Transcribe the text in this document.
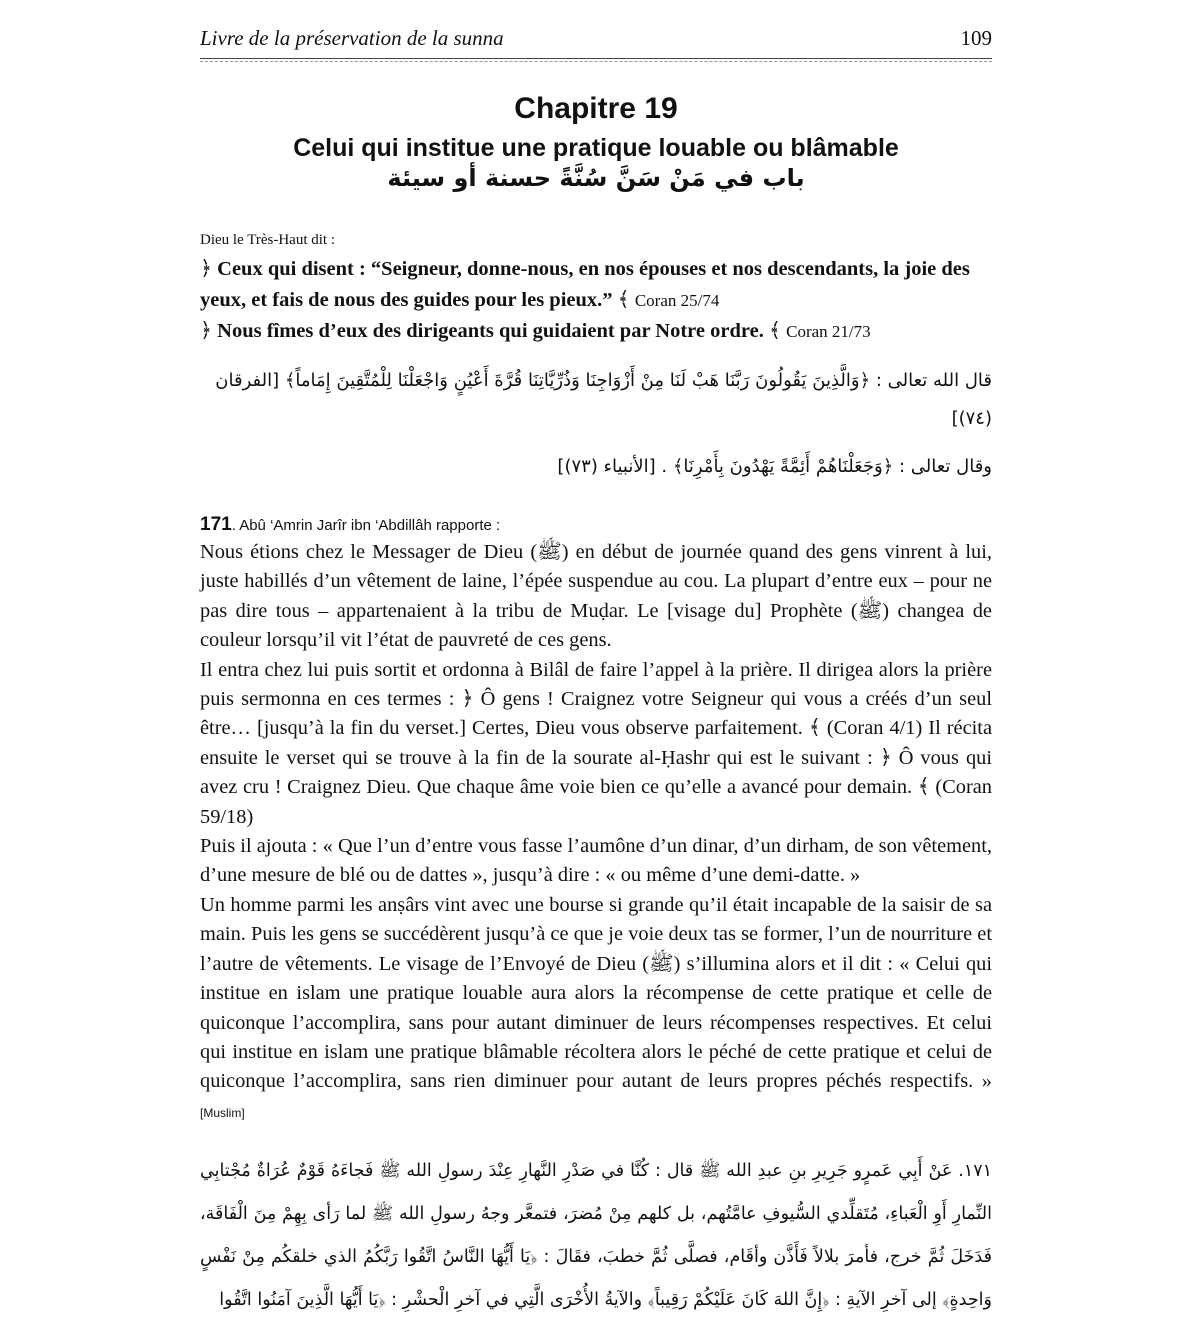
Livre de la préservation de la sunna	109
Chapitre 19
Celui qui institue une pratique louable ou blâmable
باب في مَنْ سَنَّ سُنَّةً حسنة أو سيئة
Dieu le Très-Haut dit :
﴿ Ceux qui disent : “Seigneur, donne-nous, en nos épouses et nos descendants, la joie des yeux, et fais de nous des guides pour les pieux.” ﴾ Coran 25/74
﴿ Nous fîmes d’eux des dirigeants qui guidaient par Notre ordre. ﴾ Coran 21/73
قال الله تعالى : ﴿وَالَّذِينَ يَقُولُونَ رَبَّنَا هَبْ لَنَا مِنْ أَزْوَاجِنَا وَذُرِّيَّاتِنَا قُرَّةَ أَعْيُنٍ وَاجْعَلْنَا لِلْمُتَّقِينَ إِمَاماً﴾ [الفرقان (٧٤)]
وقال تعالى : ﴿وَجَعَلْنَاهُمْ أَئِمَّةً يَهْدُونَ بِأَمْرِنَا﴾ . [الأنبياء (٧٣)]
171. Abû ‘Amrin Jarîr ibn ‘Abdillâh rapporte :

Nous étions chez le Messager de Dieu (ﷺ) en début de journée quand des gens vinrent à lui, juste habillés d’un vêtement de laine, l’épée suspendue au cou. La plupart d’entre eux – pour ne pas dire tous – appartenaient à la tribu de Muḍar. Le [visage du] Prophète (ﷺ) changea de couleur lorsqu’il vit l’état de pauvreté de ces gens.

Il entra chez lui puis sortit et ordonna à Bilâl de faire l’appel à la prière. Il dirigea alors la prière puis sermonna en ces termes : ﴿ Ô gens ! Craignez votre Seigneur qui vous a créés d’un seul être… [jusqu’à la fin du verset.] Certes, Dieu vous observe parfaitement. ﴾ (Coran 4/1) Il récita ensuite le verset qui se trouve à la fin de la sourate al-Ḥashr qui est le suivant : ﴿ Ô vous qui avez cru ! Craignez Dieu. Que chaque âme voie bien ce qu’elle a avancé pour demain. ﴾ (Coran 59/18)

Puis il ajouta : « Que l’un d’entre vous fasse l’aumône d’un dinar, d’un dirham, de son vêtement, d’une mesure de blé ou de dattes », jusqu’à dire : « ou même d’une demi-datte. »

Un homme parmi les anṣârs vint avec une bourse si grande qu’il était incapable de la saisir de sa main. Puis les gens se succédèrent jusqu’à ce que je voie deux tas se former, l’un de nourriture et l’autre de vêtements. Le visage de l’Envoyé de Dieu (ﷺ) s’illumina alors et il dit : « Celui qui institue en islam une pratique louable aura alors la récompense de cette pratique et celle de quiconque l’accomplira, sans pour autant diminuer de leurs récompenses respectives. Et celui qui institue en islam une pratique blâmable récoltera alors le péché de cette pratique et celui de quiconque l’accomplira, sans rien diminuer pour autant de leurs propres péchés respectifs. » [Muslim]

١٧١. عَنْ أَبِي عَمرٍو جَرِيرِ بنِ عبدِ الله ﷺ قال : كُنَّا في صَدْرِ النَّهارِ عِنْدَ رسولِ الله ﷺ فَجاءَهُ قَوْمٌ عُرَاةٌ مُجْتابِي النِّمارِ أَوِ الْعَباءِ، مُتَقلِّدي السُّيوفِ عامَّتُهم، بل كلهم مِنْ مُضرَ، فتمعَّر وجهُ رسولِ الله ﷺ لما رَأى بِهِمْ مِنَ الْفَاقَة، فَدَخَلَ ثُمَّ خرج، فأمرَ بلالاً فَأَذَّن وأقَام، فصلَّى ثُمَّ خطبَ، فقَالَ : ﴿يَا أَيُّهَا النَّاسُ اتَّقُوا رَبَّكُمُ الذي خلقكُم مِنْ نَفْسٍ وَاحِدةٍ﴾ إلى آخرِ الآيةِ : ﴿إِنَّ اللهَ كَانَ عَلَيْكُمْ رَقِيباً﴾ والآيةُ الأُخْرَى الَّتِي في آخرِ الْحشْرِ : ﴿يَا أَيُّهَا الَّذِينَ آمَنُوا اتَّقُوا
